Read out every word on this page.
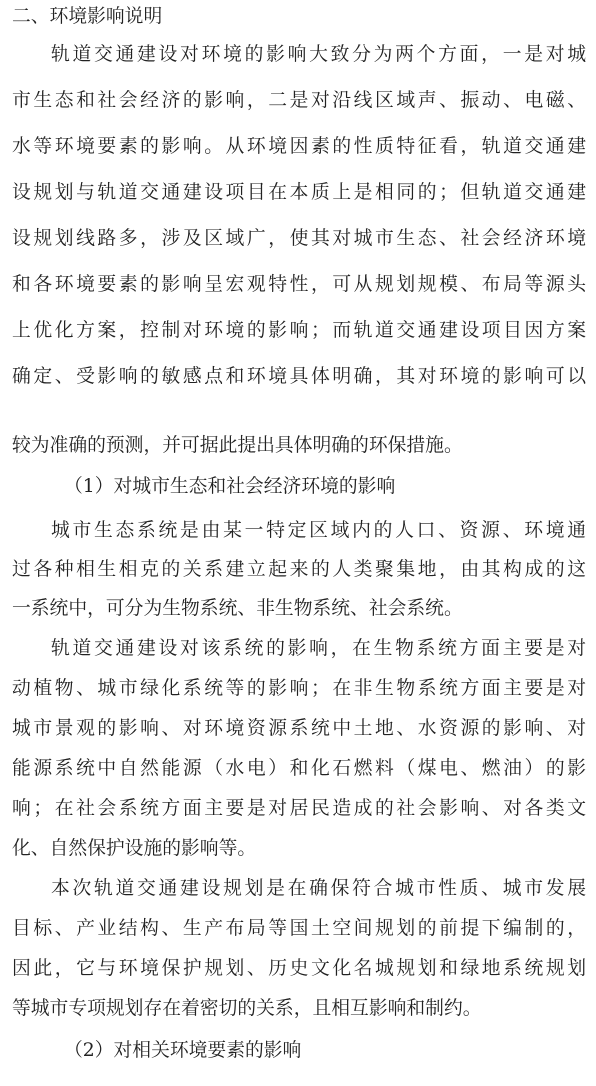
二、环境影响说明
轨道交通建设对环境的影响大致分为两个方面，一是对城
市生态和社会经济的影响，二是对沿线区域声、振动、电磁、
水等环境要素的影响。从环境因素的性质特征看，轨道交通建
设规划与轨道交通建设项目在本质上是相同的；但轨道交通建
设规划线路多，涉及区域广，使其对城市生态、社会经济环境
和各环境要素的影响呈宏观特性，可从规划规模、布局等源头
上优化方案，控制对环境的影响；而轨道交通建设项目因方案
确定、受影响的敏感点和环境具体明确，其对环境的影响可以
较为准确的预测，并可据此提出具体明确的环保措施。
（1）对城市生态和社会经济环境的影响
城市生态系统是由某一特定区域内的人口、资源、环境通
过各种相生相克的关系建立起来的人类聚集地，由其构成的这
一系统中，可分为生物系统、非生物系统、社会系统。
轨道交通建设对该系统的影响，在生物系统方面主要是对
动植物、城市绿化系统等的影响；在非生物系统方面主要是对
城市景观的影响、对环境资源系统中土地、水资源的影响、对
能源系统中自然能源（水电）和化石燃料（煤电、燃油）的影
响；在社会系统方面主要是对居民造成的社会影响、对各类文
化、自然保护设施的影响等。
本次轨道交通建设规划是在确保符合城市性质、城市发展
目标、产业结构、生产布局等国土空间规划的前提下编制的，
因此，它与环境保护规划、历史文化名城规划和绿地系统规划
等城市专项规划存在着密切的关系，且相互影响和制约。
（2）对相关环境要素的影响
